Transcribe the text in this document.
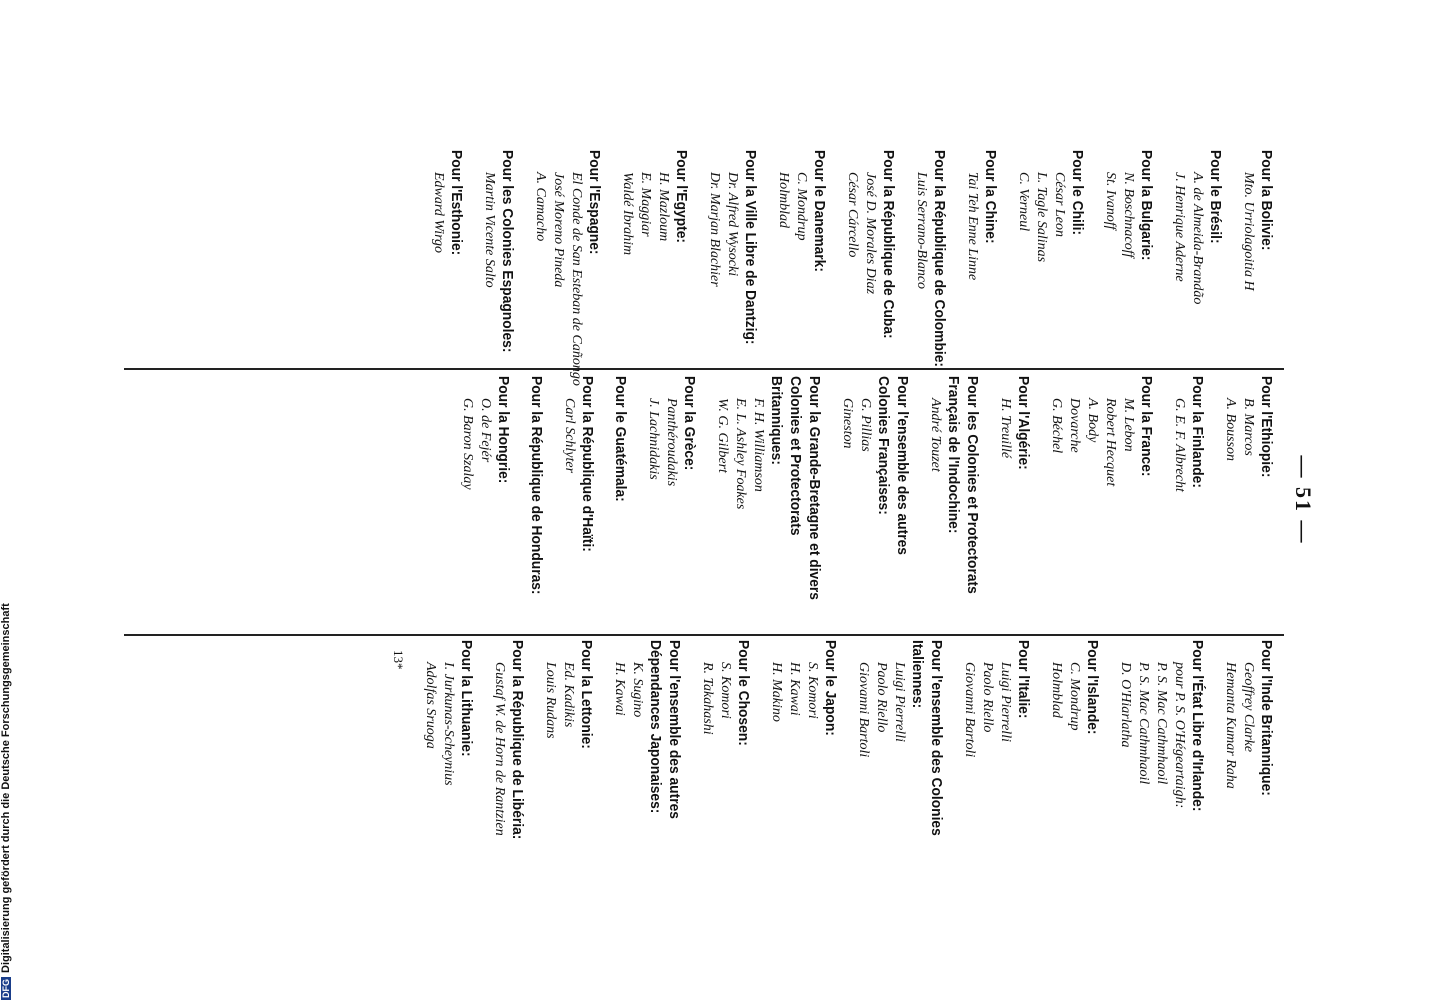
— 51 —
Pour la Bolivie:
Mto. Urriolagoitia H
Pour le Brésil:
A. de Almeida-Brandão
J. Henrique Aderne
Pour la Bulgarie:
N. Boschnacoff
St. Ivanoff
Pour le Chili:
César Leon
L. Tagle Salinas
C. Verneul
Pour la Chine:
Tai Teh Enne Linne
Pour la République de Colombie:
Luis Serrano-Blanco
Pour la République de Cuba:
José D. Morales Diaz
César Cárcello
Pour le Danemark:
C. Mondrup
Holmblad
Pour la Ville Libre de Dantzig:
Dr. Alfred Wysocki
Dr. Marjan Blachier
Pour l'Egypte:
H. Mazloum
E. Maggiar
Waldé Ibrahim
Pour l'Espagne:
El Conde de San Esteban de Cañongo
José Moreno Pineda
A. Camacho
Pour les Colonies Espagnoles:
Martin Vicente Salto
Pour l'Esthonie:
Edward Wirgo
Pour l'Ethiopie:
B. Marcos
A. Bousson
Pour la Finlande:
G. E. F. Albrecht
Pour la France:
M. Lebon
Robert Hecquet
A. Body
Dovarche
G. Béchel
Pour l'Algérie:
H. Treuillé
Pour les Colonies et Protectorats Français de l'Indochine:
André Touzet
Pour l'ensemble des autres Colonies Françaises:
G. Pillias
Gineston
Pour la Grande-Bretagne et divers Colonies et Protectorats Britanniques:
F. H. Williamson
E. L. Ashley Foakes
W. G. Gilbert
Pour la Grèce:
Panthéroudakis
J. Lachnidakis
Pour le Guatémala:
Pour la République d'Haïti:
Carl Schlyter
Pour la République de Honduras:
Pour la Hongrie:
O. de Fejér
G. Baron Szalay
Pour l'Inde Britannique:
Geoffrey Clarke
Hemanta Kumar Raha
Pour l'État Libre d'Irlande:
pour P. S. O'Hégeartaigh:
P. S. Mac Cathmhaoil
P. S. Mac Cathmhaoil
D. O'Hiarlatha
Pour l'Islande:
C. Mondrup
Holmblad
Pour l'Italie:
Luigi Pierrelli
Paolo Riello
Giovanni Bartoli
Pour l'ensemble des Colonies Italiennes:
Luigi Pierrelli
Paolo Riello
Giovanni Bartoli
Pour le Japon:
S. Komori
H. Kawai
H. Makino
Pour le Chosen:
S. Komori
R. Takahashi
Pour l'ensemble des autres Dépendances Japonaises:
K. Sugino
H. Kawai
Pour la Lettonie:
Ed. Kadikis
Louis Rudans
Pour la République de Libéria:
Gustaf W. de Horn de Rantzien
Pour la Lithuanie:
I. Jurkunas-Scheynius
Adolfas Sruoga
13*
DFGDigitalisierung gefördert durch die Deutsche Forschungsgemeinschaft
